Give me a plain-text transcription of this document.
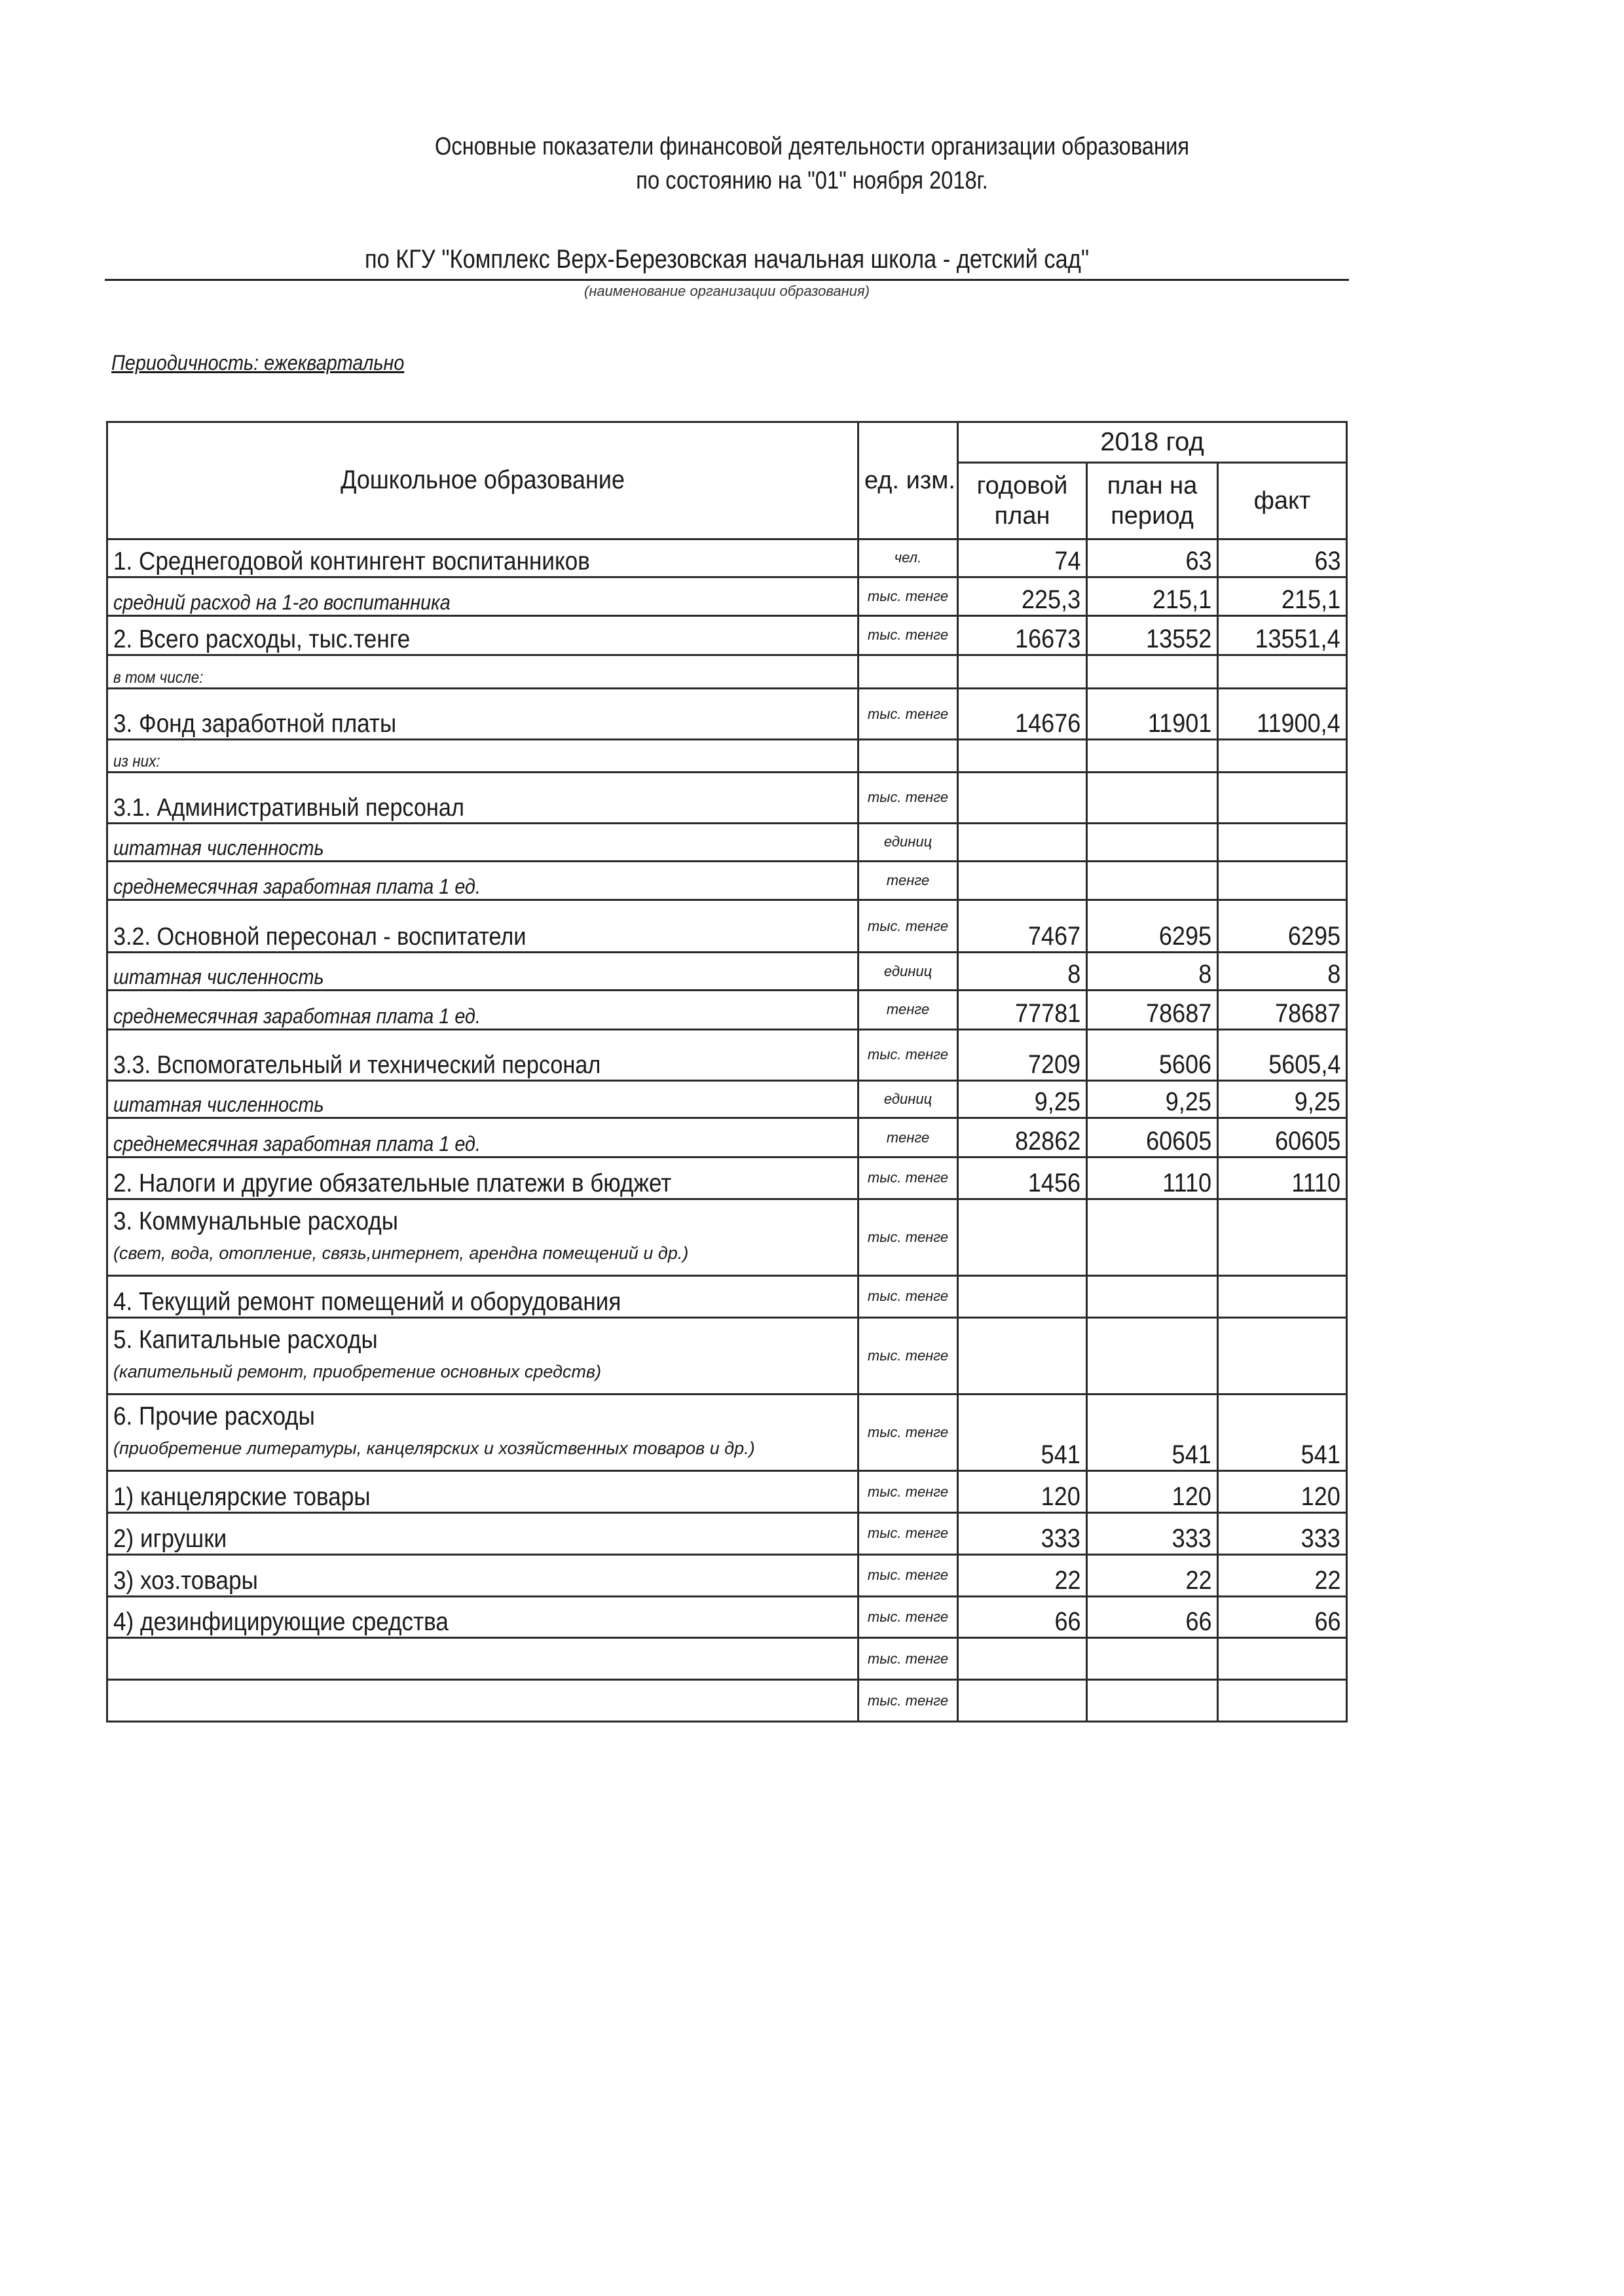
Основные показатели финансовой деятельности организации образования
по состоянию на "01" ноября 2018г.
по КГУ "Комплекс Верх-Березовская начальная школа - детский сад"
(наименование организации образования)
Периодичность: ежеквартально
Дошкольное образование	ед. изм.	2018 год		
		годовой план	план на период	факт
1. Среднегодовой контингент воспитанников	чел.	74	63	63
средний расход на 1-го воспитанника	тыс. тенге	225,3	215,1	215,1
2. Всего расходы, тыс.тенге	тыс. тенге	16673	13552	13551,4
в том числе:				
3. Фонд заработной платы	тыс. тенге	14676	11901	11900,4
из них:				
3.1. Административный персонал	тыс. тенге			
штатная численность	единиц			
среднемесячная заработная плата 1 ед.	тенге			
3.2. Основной пересонал - воспитатели	тыс. тенге	7467	6295	6295
штатная численность	единиц	8	8	8
среднемесячная заработная плата 1 ед.	тенге	77781	78687	78687
3.3. Вспомогательный и технический персонал	тыс. тенге	7209	5606	5605,4
штатная численность	единиц	9,25	9,25	9,25
среднемесячная заработная плата 1 ед.	тенге	82862	60605	60605
2. Налоги и другие обязательные платежи в бюджет	тыс. тенге	1456	1110	1110
3. Коммунальные расходы
(свет, вода, отопление, связь,интернет, арендна помещений и др.)	тыс. тенге			
4. Текущий ремонт помещений и оборудования	тыс. тенге			
5. Капитальные расходы
(капительный ремонт, приобретение основных средств)	тыс. тенге			
6. Прочие расходы
(приобретение литературы, канцелярских и хозяйственных товаров и др.)	тыс. тенге	541	541	541
1) канцелярские товары	тыс. тенге	120	120	120
2) игрушки	тыс. тенге	333	333	333
3) хоз.товары	тыс. тенге	22	22	22
4) дезинфицирующие средства	тыс. тенге	66	66	66
	тыс. тенге			
	тыс. тенге			
